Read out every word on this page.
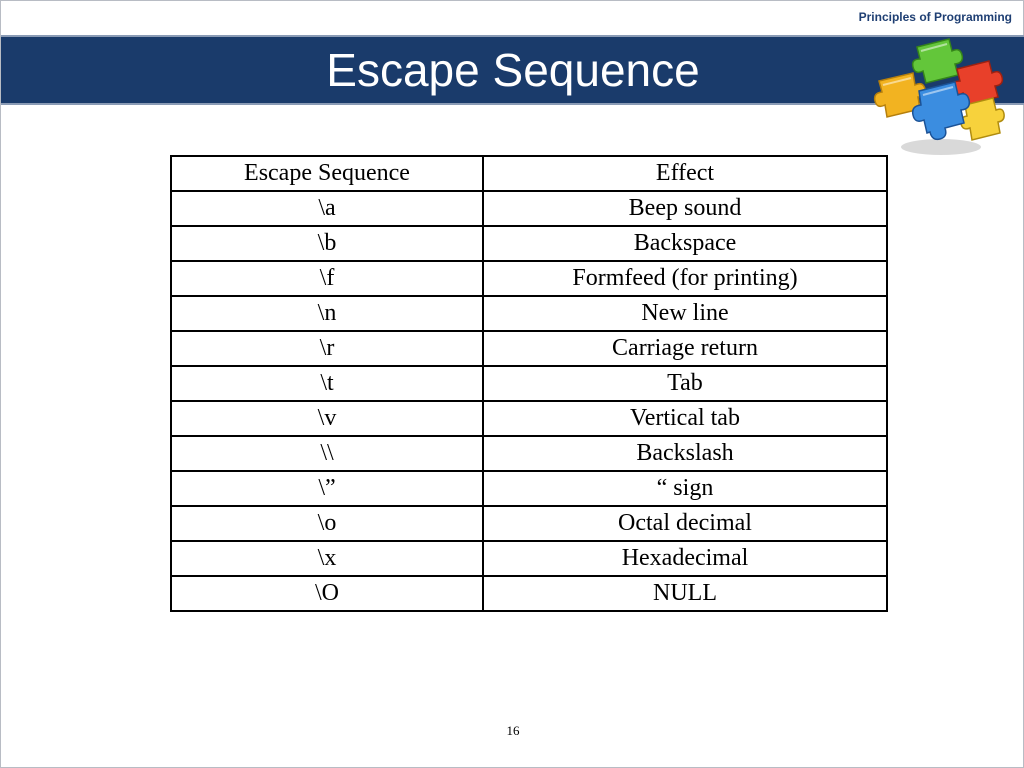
Principles of Programming
Escape Sequence
Escape Sequence	Effect
\a	Beep sound
\b	Backspace
\f	Formfeed (for printing)
\n	New line
\r	Carriage return
\t	Tab
\v	Vertical tab
\\	Backslash
\”	“ sign
\o	Octal decimal
\x	Hexadecimal
\O	NULL
16
